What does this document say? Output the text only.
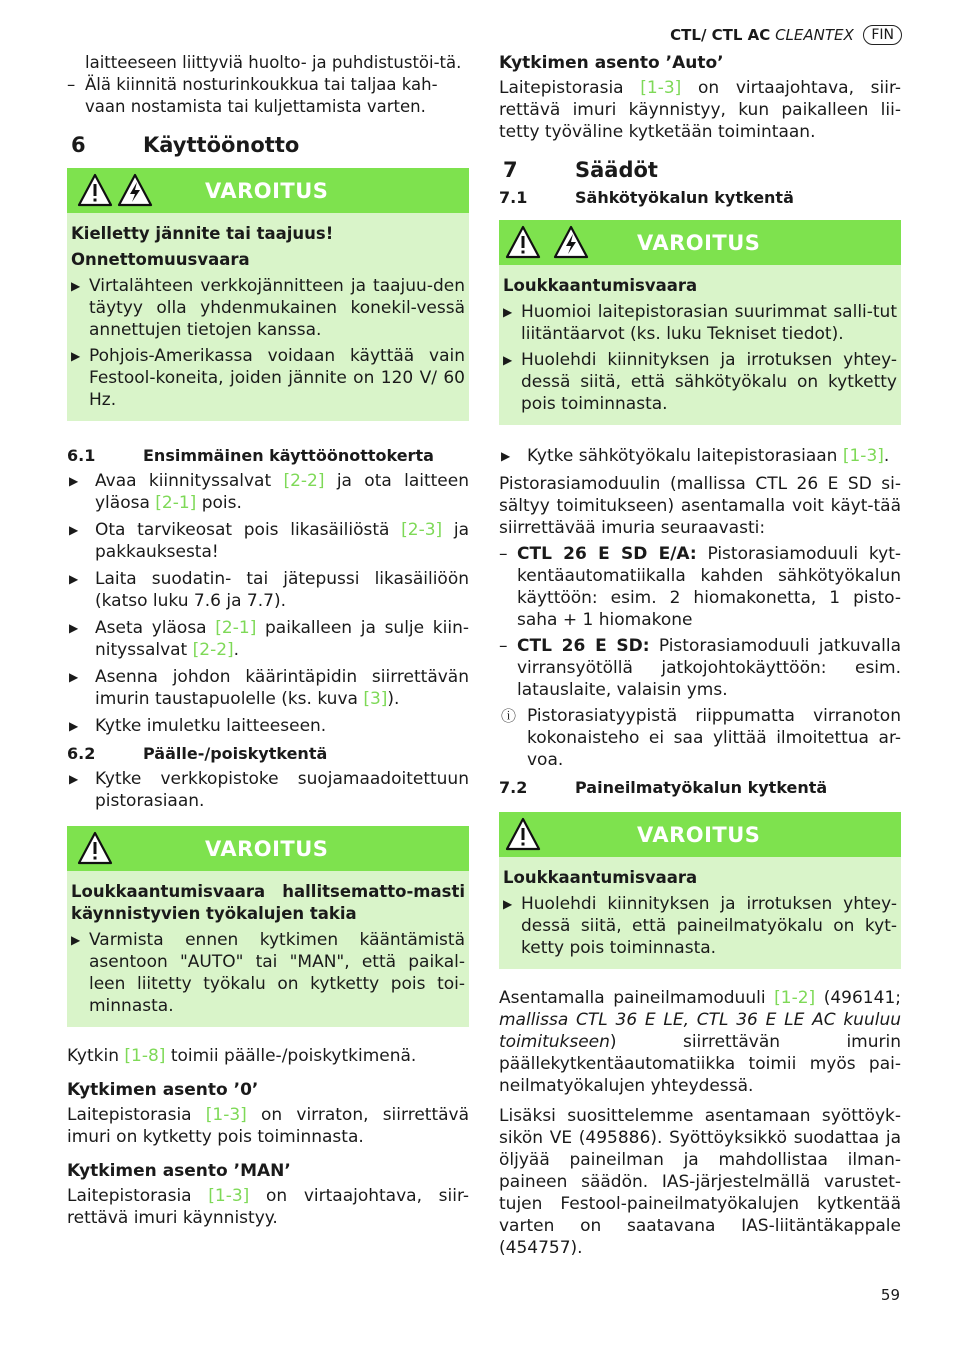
CTL/ CTL AC
CLEANTEX
	FIN
laitteeseen liittyviä huolto- ja puhdistustöi-tä.
– Älä kiinnitä nosturinkoukkua tai taljaa kah-vaan nostamista tai kuljettamista varten.
6	Käyttöönotto
VAROITUS
Kielletty jännite tai taajuus!
Onnettomuusvaara
▶ Virtalähteen verkkojännitteen ja taajuu-den täytyy olla yhdenmukainen konekil-vessä annettujen tietojen kanssa.
▶ Pohjois-Amerikassa voidaan käyttää vain Festool-koneita, joiden jännite on 120 V/ 60 Hz.
6.1	Ensimmäinen käyttöönottokerta
▶ Avaa kiinnityssalvat [2-2] ja ota laitteen yläosa [2-1] pois.
▶ Ota tarvikeosat pois likasäiliöstä [2-3] ja pakkauksesta!
▶ Laita suodatin- tai jätepussi likasäiliöön (katso luku 7.6 ja 7.7).
▶ Aseta yläosa [2-1] paikalleen ja sulje kiin-nityssalvat [2-2].
▶ Asenna johdon käärintäpidin siirrettävän imurin taustapuolelle (ks. kuva [3]).
▶ Kytke imuletku laitteeseen.
6.2	Päälle-/poiskytkentä
▶ Kytke verkkopistoke suojamaadoitettuun pistorasiaan.
VAROITUS
Loukkaantumisvaara hallitsematto-masti käynnistyvien työkalujen takia
▶ Varmista ennen kytkimen kääntämistä asentoon "AUTO" tai "MAN", että paikal-leen liitetty työkalu on kytketty pois toi-minnasta.
Kytkin [1-8] toimii päälle-/poiskytkimenä.
Kytkimen asento ’0’
Laitepistorasia [1-3] on virraton, siirrettävä imuri on kytketty pois toiminnasta.
Kytkimen asento ’MAN’
Laitepistorasia [1-3] on virtaajohtava, siir-rettävä imuri käynnistyy.
Kytkimen asento ’Auto’
Laitepistorasia [1-3] on virtaajohtava, siir-rettävä imuri käynnistyy, kun paikalleen lii-tetty työväline kytketään toimintaan.
7	Säädöt
7.1	Sähkötyökalun kytkentä
VAROITUS
Loukkaantumisvaara
▶ Huomioi laitepistorasian suurimmat salli-tut liitäntäarvot (ks. luku Tekniset tiedot).
▶ Huolehdi kiinnityksen ja irrotuksen yhtey-dessä siitä, että sähkötyökalu on kytketty pois toiminnasta.
▶ Kytke sähkötyökalu laitepistorasiaan [1-3].
Pistorasiamoduulin (mallissa CTL 26 E SD si-sältyy toimitukseen) asentamalla voit käyt-tää siirrettävää imuria seuraavasti:
– CTL 26 E SD E/A: Pistorasiamoduuli kyt-kentäautomatiikalla kahden sähkötyökalun käyttöön: esim. 2 hiomakonetta, 1 pisto-saha + 1 hiomakone
– CTL 26 E SD: Pistorasiamoduuli jatkuvalla virransyötöllä jatkojohtokäyttöön: esim. latauslaite, valaisin yms.
ⓘ Pistorasiatyypistä riippumatta virranoton kokonaisteho ei saa ylittää ilmoitettua ar-voa.
7.2	Paineilmatyökalun kytkentä
VAROITUS
Loukkaantumisvaara
▶ Huolehdi kiinnityksen ja irrotuksen yhtey-dessä siitä, että paineilmatyökalu on kyt-ketty pois toiminnasta.
Asentamalla paineilmamoduuli [1-2] (496141; mallissa CTL 36 E LE, CTL 36 E LE AC kuuluu toimitukseen) siirrettävän imurin päällekytkentäautomatiikka toimii myös pai-neilmatyökalujen yhteydessä.
Lisäksi suosittelemme asentamaan syöttöyk-sikön VE (495886). Syöttöyksikkö suodattaa ja öljyää paineilman ja mahdollistaa ilman-paineen säädön. IAS-järjestelmällä varustet-tujen Festool-paineilmatyökalujen kytkentää varten on saatavana IAS-liitäntäkappale (454757).
59
